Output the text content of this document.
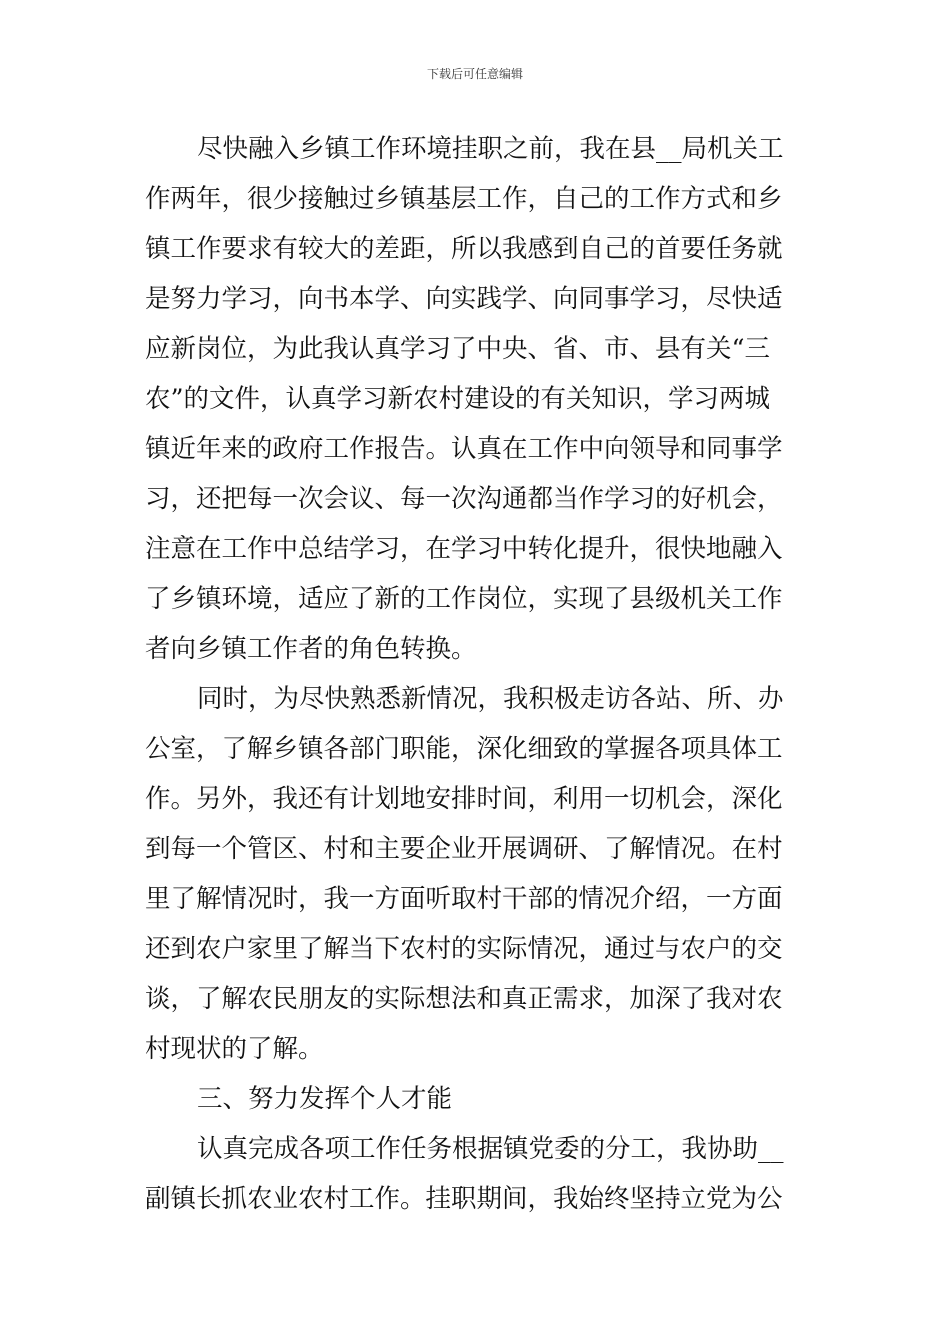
下载后可任意编辑
尽快融入乡镇工作环境挂职之前，我在县__局机关工
作两年，很少接触过乡镇基层工作，自己的工作方式和乡
镇工作要求有较大的差距，所以我感到自己的首要任务就
是努力学习，向书本学、向实践学、向同事学习，尽快适
应新岗位，为此我认真学习了中央、省、市、县有关“三
农”的文件，认真学习新农村建设的有关知识，学习两城
镇近年来的政府工作报告。认真在工作中向领导和同事学
习，还把每一次会议、每一次沟通都当作学习的好机会，
注意在工作中总结学习，在学习中转化提升，很快地融入
了乡镇环境，适应了新的工作岗位，实现了县级机关工作
者向乡镇工作者的角色转换。
同时，为尽快熟悉新情况，我积极走访各站、所、办
公室，了解乡镇各部门职能，深化细致的掌握各项具体工
作。另外，我还有计划地安排时间，利用一切机会，深化
到每一个管区、村和主要企业开展调研、了解情况。在村
里了解情况时，我一方面听取村干部的情况介绍，一方面
还到农户家里了解当下农村的实际情况，通过与农户的交
谈，了解农民朋友的实际想法和真正需求，加深了我对农
村现状的了解。
三、努力发挥个人才能
认真完成各项工作任务根据镇党委的分工，我协助__
副镇长抓农业农村工作。挂职期间，我始终坚持立党为公
